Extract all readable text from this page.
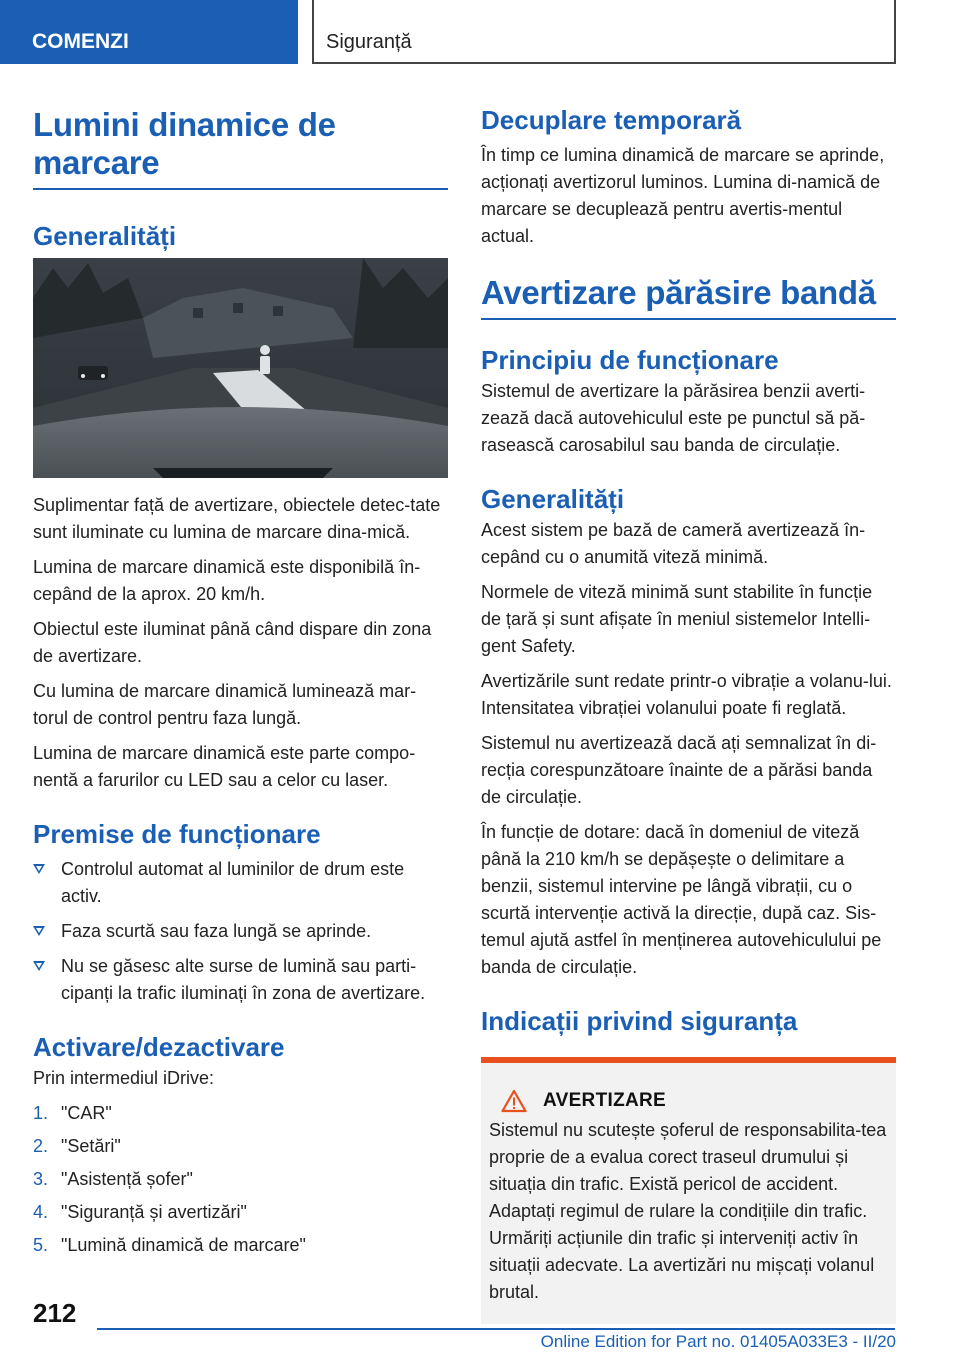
COMENZI	Siguranță
Lumini dinamice de marcare
Generalități

Suplimentar față de avertizare, obiectele detec-tate sunt iluminate cu lumina de marcare dina-mică.

Lumina de marcare dinamică este disponibilă în-cepând de la aprox. 20 km/h.

Obiectul este iluminat până când dispare din zona de avertizare.

Cu lumina de marcare dinamică luminează mar-torul de control pentru faza lungă.

Lumina de marcare dinamică este parte compo-nentă a farurilor cu LED sau a celor cu laser.

Premise de funcționare
Controlul automat al luminilor de drum este activ.
Faza scurtă sau faza lungă se aprinde.
Nu se găsesc alte surse de lumină sau parti-cipanți la trafic iluminați în zona de avertizare.
Activare/dezactivare

Prin intermediul iDrive:

1. "CAR"
2. "Setări"
3. "Asistență șofer"
4. "Siguranță și avertizări"
5. "Lumină dinamică de marcare"
Decuplare temporară

În timp ce lumina dinamică de marcare se aprinde, acționați avertizorul luminos. Lumina di-namică de marcare se decuplează pentru avertis-mentul actual.

Avertizare părăsire bandă
Principiu de funcționare

Sistemul de avertizare la părăsirea benzii averti-zează dacă autovehiculul este pe punctul să pă-rasească carosabilul sau banda de circulație.

Generalități

Acest sistem pe bază de cameră avertizează în-cepând cu o anumită viteză minimă.

Normele de viteză minimă sunt stabilite în funcție de țară și sunt afișate în meniul sistemelor Intelli-gent Safety.

Avertizările sunt redate printr-o vibrație a volanu-lui. Intensitatea vibrației volanului poate fi reglată.

Sistemul nu avertizează dacă ați semnalizat în di-recția corespunzătoare înainte de a părăsi banda de circulație.

În funcție de dotare: dacă în domeniul de viteză până la 210 km/h se depășește o delimitare a benzii, sistemul intervine pe lângă vibrații, cu o scurtă intervenție activă la direcție, după caz. Sis-temul ajută astfel în menținerea autovehiculului pe banda de circulație.

Indicații privind siguranța
AVERTIZARE

Sistemul nu scutește șoferul de responsabilita-tea proprie de a evalua corect traseul drumului și situația din trafic. Există pericol de accident. Adaptați regimul de rulare la condițiile din trafic. Urmăriți acțiunile din trafic și interveniți activ în situații adecvate. La avertizări nu mișcați volanul brutal.

212
Online Edition for Part no. 01405A033E3 - II/20
